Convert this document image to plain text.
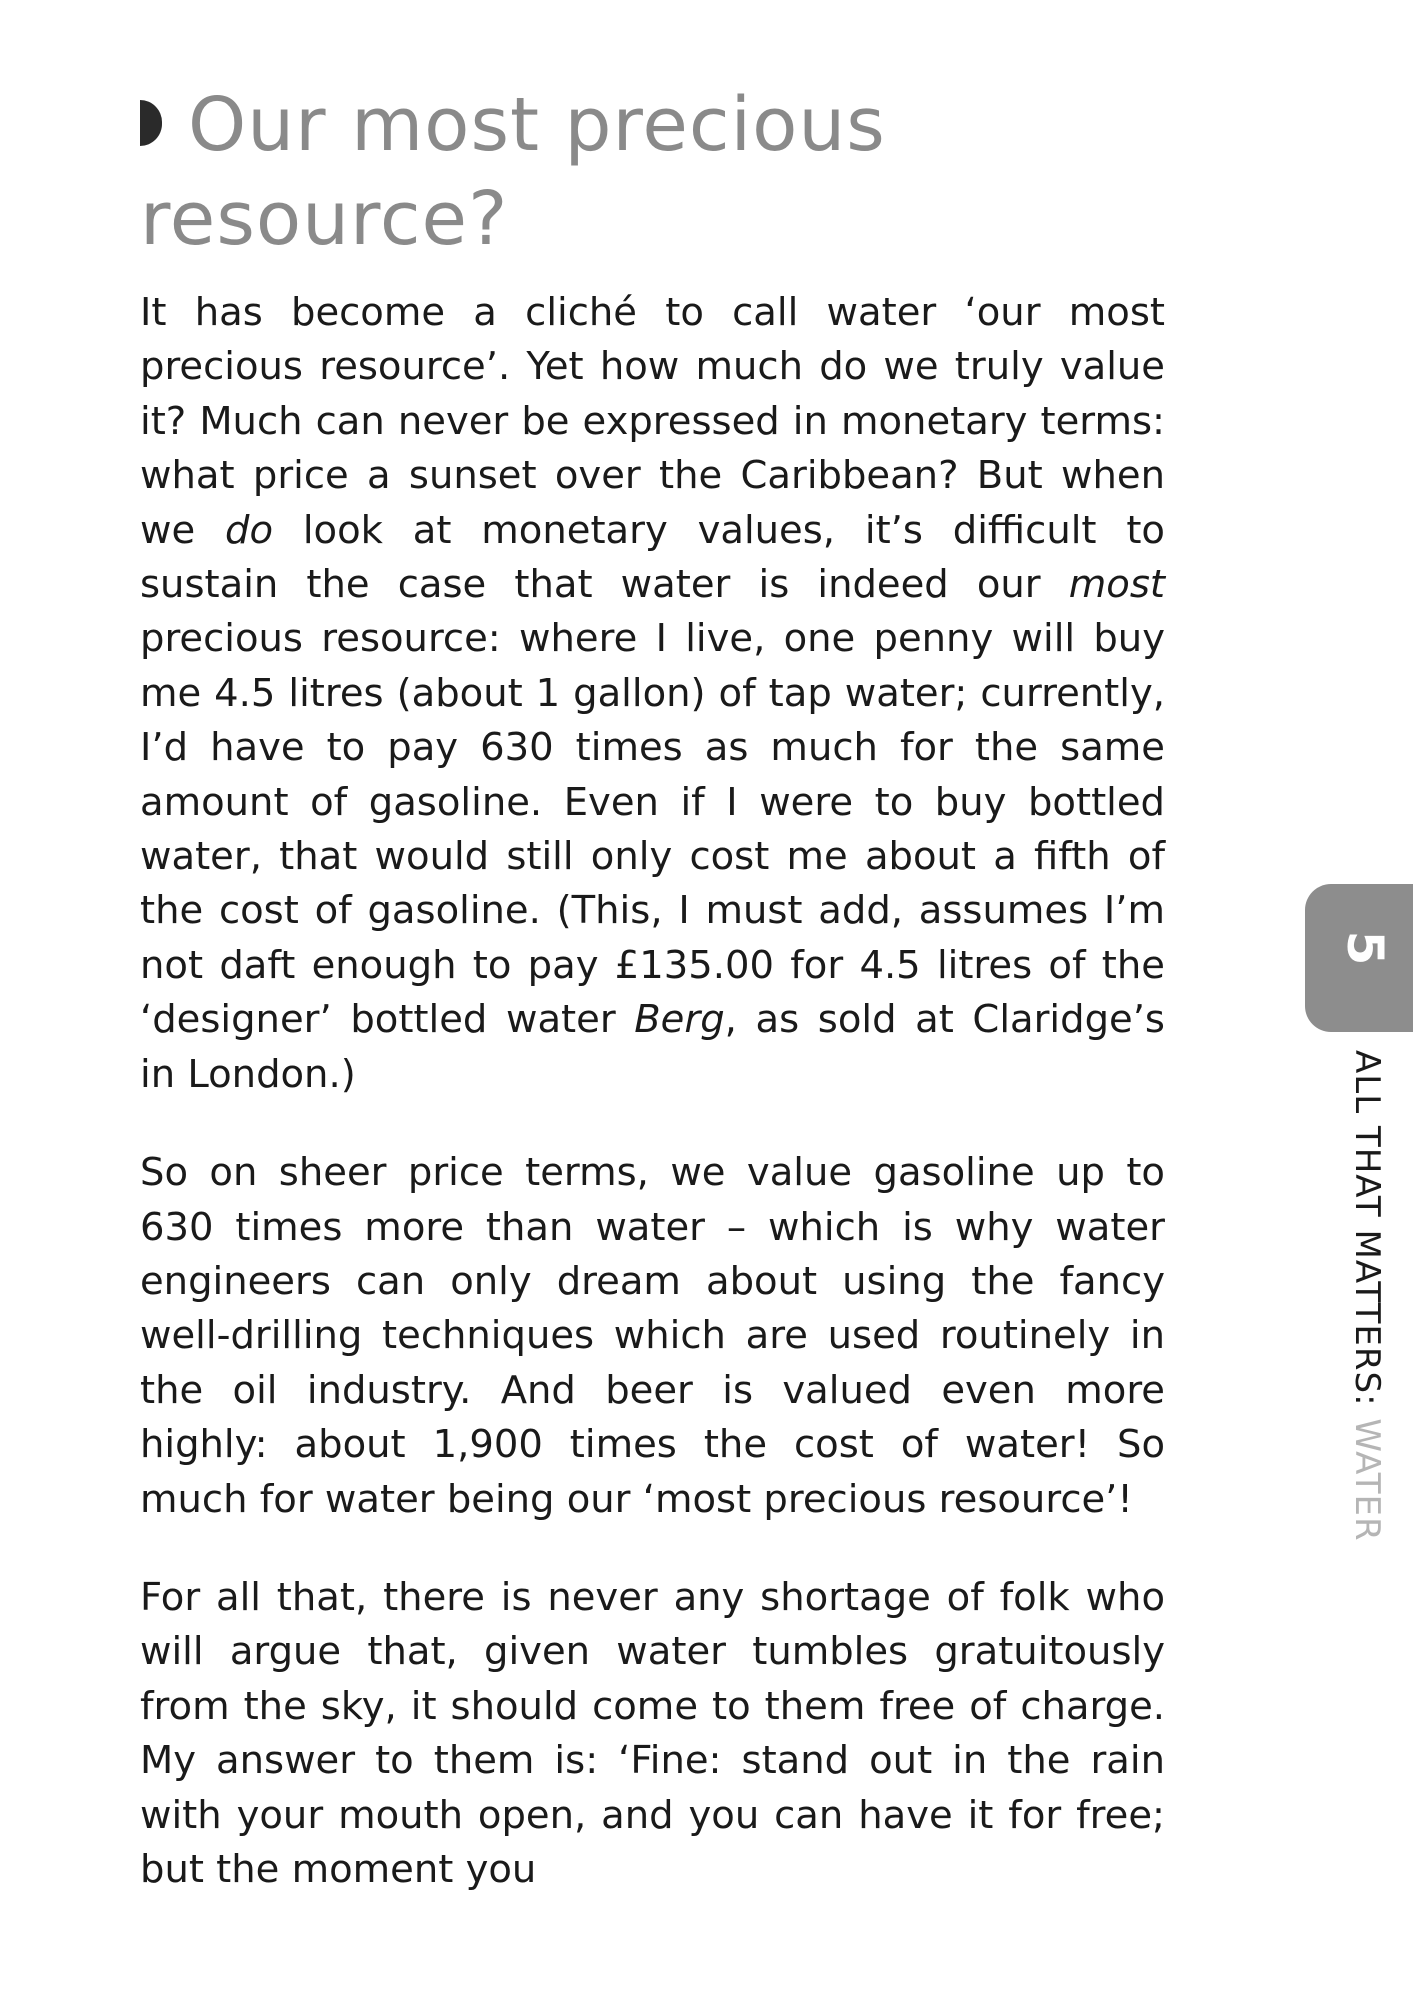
Our most precious resource?

It has become a cliché to call water ‘our most precious resource’. Yet how much do we truly value it? Much can never be expressed in monetary terms: what price a sunset over the Caribbean? But when we do look at monetary values, it’s difficult to sustain the case that water is indeed our most precious resource: where I live, one penny will buy me 4.5 litres (about 1 gallon) of tap water; currently, I’d have to pay 630 times as much for the same amount of gasoline. Even if I were to buy bottled water, that would still only cost me about a fifth of the cost of gasoline. (This, I must add, assumes I’m not daft enough to pay £135.00 for 4.5 litres of the ‘designer’ bottled water Berg, as sold at Claridge’s in London.)

So on sheer price terms, we value gasoline up to 630 times more than water – which is why water engineers can only dream about using the fancy well-drilling techniques which are used routinely in the oil industry. And beer is valued even more highly: about 1,900 times the cost of water! So much for water being our ‘most precious resource’!

For all that, there is never any shortage of folk who will argue that, given water tumbles gratuitously from the sky, it should come to them free of charge. My answer to them is: ‘Fine: stand out in the rain with your mouth open, and you can have it for free; but the moment you

5
ALL THAT MATTERS: WATER
